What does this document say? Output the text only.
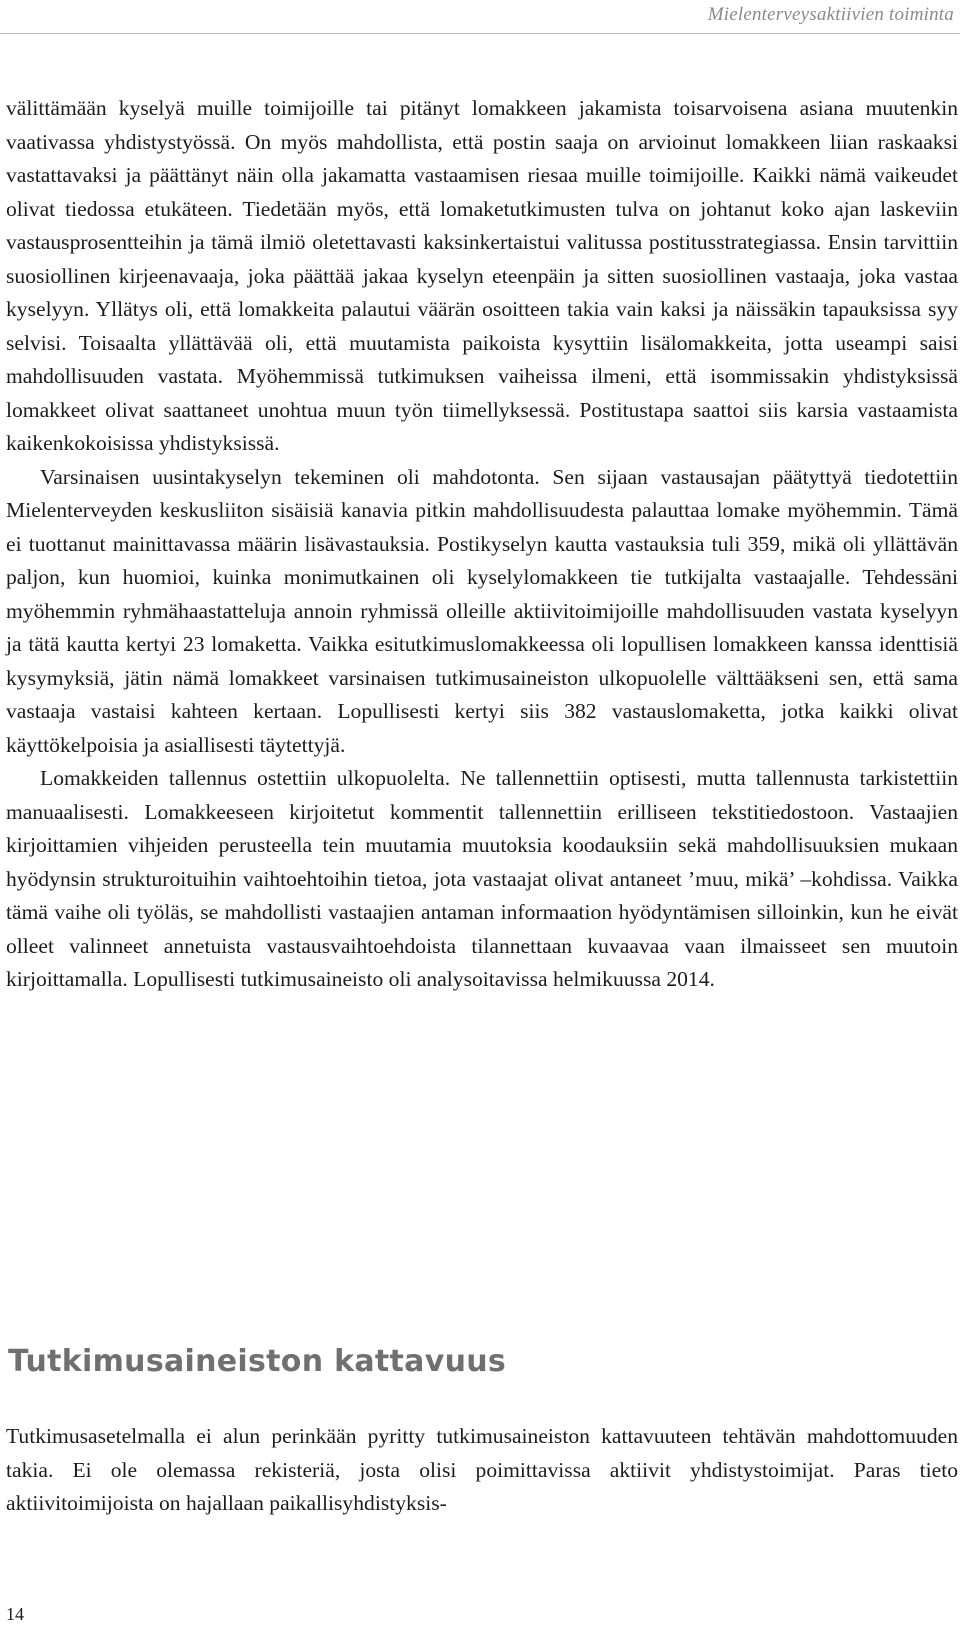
Mielenterveysaktiivien toiminta

välittämään kyselyä muille toimijoille tai pitänyt lomakkeen jakamista toisarvoisena asiana muutenkin vaativassa yhdistystyössä. On myös mahdollista, että postin saaja on arvioinut lomakkeen liian raskaaksi vastattavaksi ja päättänyt näin olla jakamatta vastaamisen riesaa muille toimijoille. Kaikki nämä vaikeudet olivat tiedossa etukäteen. Tiedetään myös, että lomaketutkimusten tulva on johtanut koko ajan laskeviin vastausprosentteihin ja tämä ilmiö oletettavasti kaksinkertaistui valitussa postitusstrategiassa. Ensin tarvittiin suosiollinen kirjeenavaaja, joka päättää jakaa kyselyn eteenpäin ja sitten suosiollinen vastaaja, joka vastaa kyselyyn. Yllätys oli, että lomakkeita palautui väärän osoitteen takia vain kaksi ja näissäkin tapauksissa syy selvisi. Toisaalta yllättävää oli, että muutamista paikoista kysyttiin lisälomakkeita, jotta useampi saisi mahdollisuuden vastata. Myöhemmissä tutkimuksen vaiheissa ilmeni, että isommissakin yhdistyksissä lomakkeet olivat saattaneet unohtua muun työn tiimellyksessä. Postitustapa saattoi siis karsia vastaamista kaikenkokoisissa yhdistyksissä.

Varsinaisen uusintakyselyn tekeminen oli mahdotonta. Sen sijaan vastausajan päätyttyä tiedotettiin Mielenterveyden keskusliiton sisäisiä kanavia pitkin mahdollisuudesta palauttaa lomake myöhemmin. Tämä ei tuottanut mainittavassa määrin lisävastauksia. Postikyselyn kautta vastauksia tuli 359, mikä oli yllättävän paljon, kun huomioi, kuinka monimutkainen oli kyselylomakkeen tie tutkijalta vastaajalle. Tehdessäni myöhemmin ryhmähaastatteluja annoin ryhmissä olleille aktiivitoimijoille mahdollisuuden vastata kyselyyn ja tätä kautta kertyi 23 lomaketta. Vaikka esitutkimuslomakkeessa oli lopullisen lomakkeen kanssa identtisiä kysymyksiä, jätin nämä lomakkeet varsinaisen tutkimusaineiston ulkopuolelle välttääkseni sen, että sama vastaaja vastaisi kahteen kertaan. Lopullisesti kertyi siis 382 vastauslomaketta, jotka kaikki olivat käyttökelpoisia ja asiallisesti täytettyjä.

Lomakkeiden tallennus ostettiin ulkopuolelta. Ne tallennettiin optisesti, mutta tallennusta tarkistettiin manuaalisesti. Lomakkeeseen kirjoitetut kommentit tallennettiin erilliseen tekstitiedostoon. Vastaajien kirjoittamien vihjeiden perusteella tein muutamia muutoksia koodauksiin sekä mahdollisuuksien mukaan hyödynsin strukturoituihin vaihtoehtoihin tietoa, jota vastaajat olivat antaneet ’muu, mikä’ –kohdissa. Vaikka tämä vaihe oli työläs, se mahdollisti vastaajien antaman informaation hyödyntämisen silloinkin, kun he eivät olleet valinneet annetuista vastausvaihtoehdoista tilannettaan kuvaavaa vaan ilmaisseet sen muutoin kirjoittamalla. Lopullisesti tutkimusaineisto oli analysoitavissa helmikuussa 2014.

Tutkimusaineiston kattavuus

Tutkimusasetelmalla ei alun perinkään pyritty tutkimusaineiston kattavuuteen tehtävän mahdottomuuden takia. Ei ole olemassa rekisteriä, josta olisi poimittavissa aktiivit yhdistystoimijat. Paras tieto aktiivitoimijoista on hajallaan paikallisyhdistyksis-

14
